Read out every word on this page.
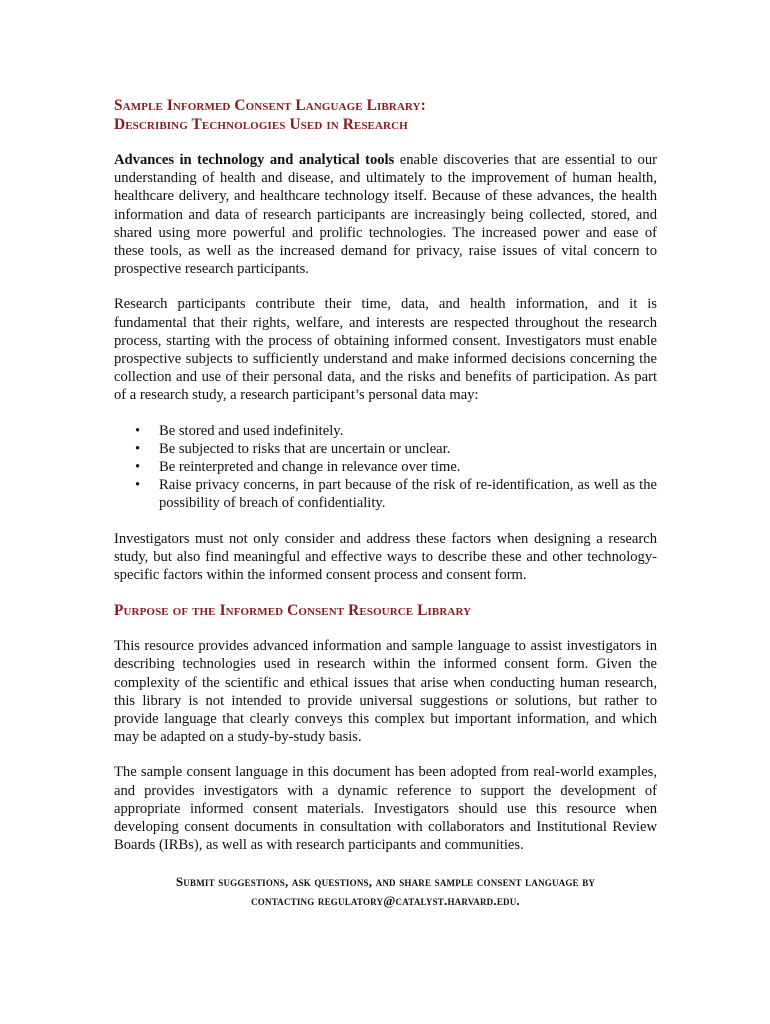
Sample Informed Consent Language Library:
Describing Technologies Used in Research

Advances in technology and analytical tools enable discoveries that are essential to our understanding of health and disease, and ultimately to the improvement of human health, healthcare delivery, and healthcare technology itself. Because of these advances, the health information and data of research participants are increasingly being collected, stored, and shared using more powerful and prolific technologies. The increased power and ease of these tools, as well as the increased demand for privacy, raise issues of vital concern to prospective research participants.

Research participants contribute their time, data, and health information, and it is fundamental that their rights, welfare, and interests are respected throughout the research process, starting with the process of obtaining informed consent. Investigators must enable prospective subjects to sufficiently understand and make informed decisions concerning the collection and use of their personal data, and the risks and benefits of participation. As part of a research study, a research participant’s personal data may:

• Be stored and used indefinitely.
• Be subjected to risks that are uncertain or unclear.
• Be reinterpreted and change in relevance over time.
• Raise privacy concerns, in part because of the risk of re-identification, as well as the possibility of breach of confidentiality.

Investigators must not only consider and address these factors when designing a research study, but also find meaningful and effective ways to describe these and other technology-specific factors within the informed consent process and consent form.

Purpose of the Informed Consent Resource Library

This resource provides advanced information and sample language to assist investigators in describing technologies used in research within the informed consent form. Given the complexity of the scientific and ethical issues that arise when conducting human research, this library is not intended to provide universal suggestions or solutions, but rather to provide language that clearly conveys this complex but important information, and which may be adapted on a study-by-study basis.

The sample consent language in this document has been adopted from real-world examples, and provides investigators with a dynamic reference to support the development of appropriate informed consent materials. Investigators should use this resource when developing consent documents in consultation with collaborators and Institutional Review Boards (IRBs), as well as with research participants and communities.

Submit suggestions, ask questions, and share sample consent language by
contacting regulatory@catalyst.harvard.edu.
